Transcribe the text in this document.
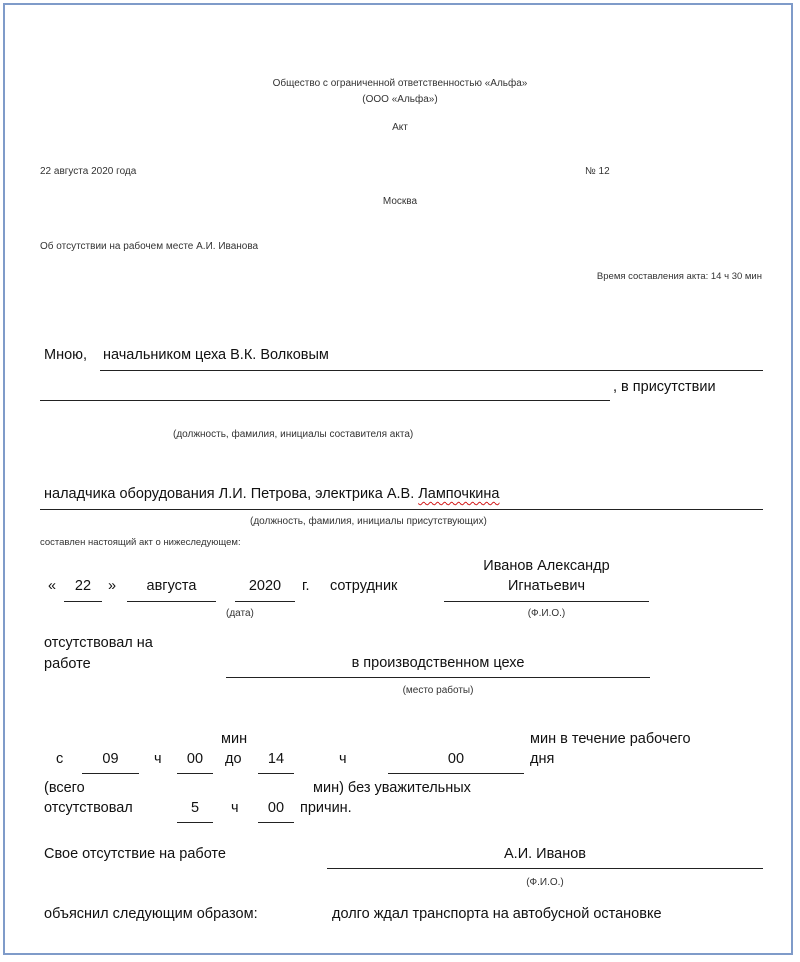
Общество с ограниченной ответственностью «Альфа»
(ООО «Альфа»)
Акт
22 августа 2020 года	№ 12
Москва
Об отсутствии на рабочем месте А.И. Иванова
Время составления акта: 14 ч 30 мин
Мною, начальником цеха В.К. Волковым
, в присутствии
(должность, фамилия, инициалы составителя акта)
наладчика оборудования Л.И. Петрова, электрика А.В. Лампочкина
(должность, фамилия, инициалы присутствующих)
составлен настоящий акт о нижеследующем:
«	22	»	августа	2020	г. сотрудник
Иванов Александр
Игнатьевич
(дата)	(Ф.И.О.)
отсутствовал на
работе	в производственном цехе
(место работы)
мин	мин в течение рабочего
с	09	ч	00	до	14	ч	00	дня
(всего	мин) без уважительных
отсутствовал	5	ч	00	причин.
Свое отсутствие на работе	А.И. Иванов
(Ф.И.О.)
объяснил следующим образом:	долго ждал транспорта на автобусной остановке
